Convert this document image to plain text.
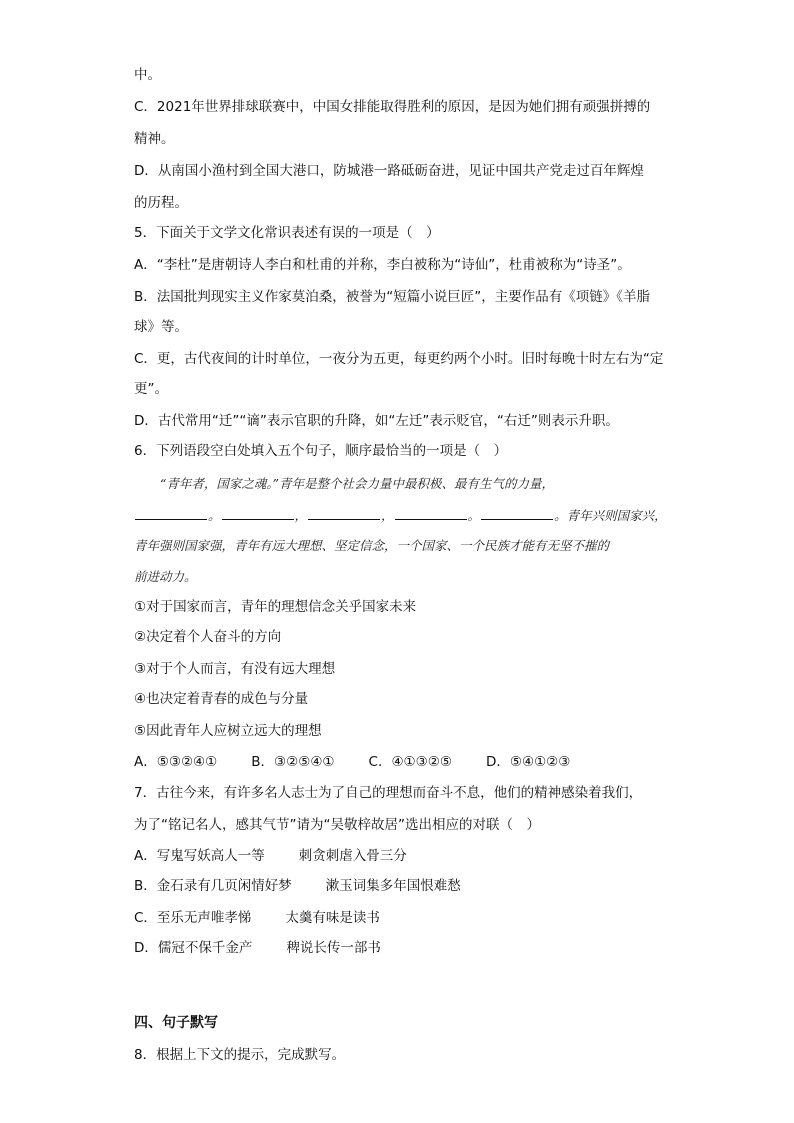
中。
C．2021年世界排球联赛中，中国女排能取得胜利的原因，是因为她们拥有顽强拼搏的
精神。
D．从南国小渔村到全国大港口，防城港一路砥砺奋进，见证中国共产党走过百年辉煌
的历程。
5．下面关于文学文化常识表述有误的一项是（　）
A．“李杜”是唐朝诗人李白和杜甫的并称，李白被称为“诗仙”，杜甫被称为“诗圣”。
B．法国批判现实主义作家莫泊桑，被誉为“短篇小说巨匠”，主要作品有《项链》《羊脂
球》等。
C．更，古代夜间的计时单位，一夜分为五更，每更约两个小时。旧时每晚十时左右为“定
更”。
D．古代常用“迁”“谪”表示官职的升降，如“左迁”表示贬官，“右迁”则表示升职。
6．下列语段空白处填入五个句子，顺序最恰当的一项是（　）
“青年者，国家之魂。”青年是整个社会力量中最积极、最有生气的力量，
。	，	，	。	。青年兴则国家兴，
青年强则国家强，青年有远大理想、坚定信念，一个国家、一个民族才能有无坚不摧的
前进动力。
①对于国家而言，青年的理想信念关乎国家未来
②决定着个人奋斗的方向
③对于个人而言，有没有远大理想
④也决定着青春的成色与分量
⑤因此青年人应树立远大的理想
A．⑤③②④①	B．③②⑤④①	C．④①③②⑤	D．⑤④①②③
7．古往今来，有许多名人志士为了自己的理想而奋斗不息，他们的精神感染着我们，
为了“铭记名人，感其气节”请为“吴敬梓故居”选出相应的对联（　）
A．写鬼写妖高人一等	刺贪刺虐入骨三分
B．金石录有几页闲情好梦	漱玉词集多年国恨难愁
C．至乐无声唯孝悌	太羹有味是读书
D．儒冠不保千金产	稗说长传一部书
四、句子默写
8．根据上下文的提示，完成默写。
